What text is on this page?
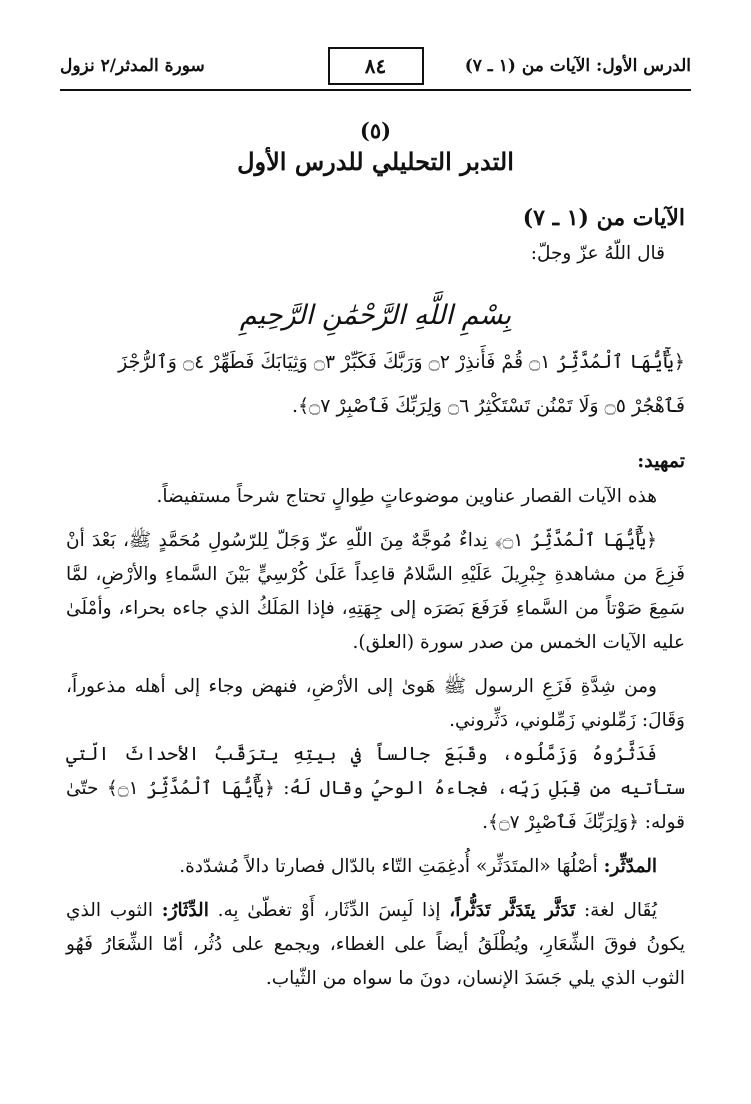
الدرس الأول: الآيات من (١ ـ ٧)
٨٤
سورة المدثر/٢ نزول
(٥)
التدبر التحليلي للدرس الأول
الآيات من (١ ـ ٧)
قال اللّهُ عزّ وجلّ:
بِسْمِ اللَّهِ الرَّحْمَٰنِ الرَّحِيمِ
﴿يَٰٓأَيُّهَا ٱلْمُدَّثِّرُ ۝١ قُمْ فَأَنذِرْ ۝٢ وَرَبَّكَ فَكَبِّرْ ۝٣ وَثِيَابَكَ فَطَهِّرْ ۝٤ وَٱلرُّجْزَ
فَٱهْجُرْ ۝٥ وَلَا تَمْنُن تَسْتَكْثِرُ ۝٦ وَلِرَبِّكَ فَٱصْبِرْ ۝٧﴾.
تمهيد:
هذه الآيات القصار عناوين موضوعاتٍ طِوالٍ تحتاج شرحاً مستفيضاً.
﴿يَٰٓأَيُّهَا ٱلْمُدَّثِّرُ ۝١﴾ نِداءٌ مُوجَّهٌ مِنَ اللّهِ عزّ وَجَلّ لِلرّسُولِ مُحَمَّدٍ ﷺ، بَعْدَ أنْ فَزِعَ من مشاهدةِ جِبْرِيلَ عَلَيْهِ السَّلامُ قاعِداً عَلَىٰ كُرْسِيٍّ بَيْنَ السَّماءِ والأرْضِ، لمَّا سَمِعَ صَوْتاً من السَّماءِ فَرَفَعَ بَصَرَه إلى جِهَتِهِ، فإذا المَلَكُ الذي جاءه بحراء، وأمْلَىٰ عليه الآيات الخمس من صدر سورة (العلق).
ومن شِدَّةِ فَزَعِ الرسول ﷺ هَوىٰ إلى الأرْضِ، فنهض وجاء إلى أهله مذعوراً، وَقَالَ: زَمِّلوني زَمِّلوني، دَثِّروني.
فَدَثَّرُوهُ وَزَمَّلُوه، وقَبَعَ جالساً في بيتِهِ يترَقَّبُ الأحداثَ الّتي ستأتيه من قِبَلِ رَبِّه، فجاءهُ الوحيُ وقال لَهُ: ﴿يَٰٓأَيُّهَا ٱلْمُدَّثِّرُ ۝١﴾ حتّىٰ قوله: ﴿وَلِرَبِّكَ فَٱصْبِرْ ۝٧﴾.
المدّثِّر: أصْلُهَا «المتَدَثِّر» أُدغِمَتِ التّاء بالدّال فصارتا دالاً مُشدّدة.
يُقَال لغة: تَدَثَّر يتَدَثَّر تَدَثُّراً، إذا لَبِسَ الدِّثَار، أَوْ تغطّىٰ بِه. الدِّثَارُ: الثوب الذي يكونُ فوقَ الشِّعَارِ، ويُطْلَقُ أيضاً على الغطاء، ويجمع على دُثُر، أمّا الشِّعَارُ فَهُو الثوب الذي يلي جَسَدَ الإنسان، دونَ ما سواه من الثّياب.
